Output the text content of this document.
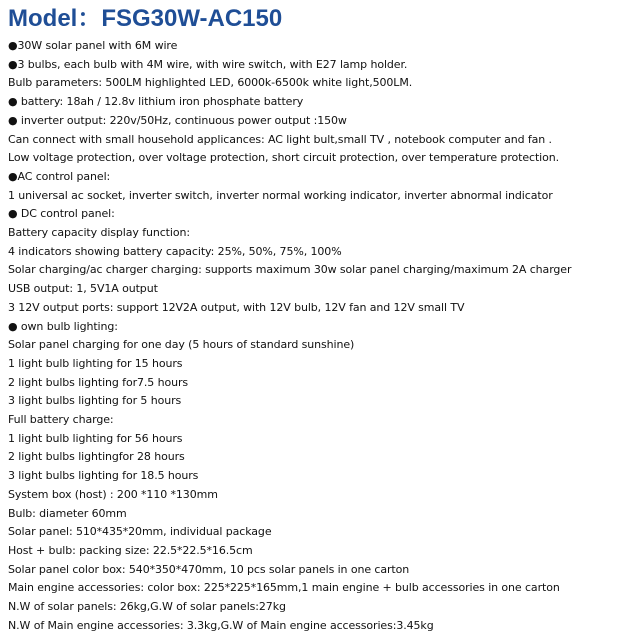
Model：FSG30W-AC150
●30W solar panel with 6M wire
●3 bulbs, each bulb with 4M wire, with wire switch, with E27 lamp holder.
Bulb parameters: 500LM highlighted LED, 6000k-6500k white light,500LM.
● battery: 18ah / 12.8v lithium iron phosphate battery
● inverter output: 220v/50Hz, continuous power output :150w
Can connect with small household applicances: AC light bult,small TV , notebook computer and fan .
Low voltage protection, over voltage protection, short circuit protection, over temperature protection.
●AC control panel:
1 universal ac socket, inverter switch, inverter normal working indicator, inverter abnormal indicator
● DC control panel:
Battery capacity display function:
4 indicators showing battery capacity: 25%, 50%, 75%, 100%
Solar charging/ac charger charging: supports maximum 30w solar panel charging/maximum 2A charger
USB output: 1, 5V1A output
3 12V output ports: support 12V2A output, with 12V bulb, 12V fan and 12V small TV
● own bulb lighting:
Solar panel charging for one day (5 hours of standard sunshine)
1 light bulb lighting for 15 hours
2 light bulbs lighting for7.5 hours
3 light bulbs lighting for 5 hours
Full battery charge:
1 light bulb lighting for 56 hours
2 light bulbs lightingfor 28 hours
3 light bulbs lighting for 18.5 hours
System box (host) : 200 *110 *130mm
Bulb: diameter 60mm
Solar panel: 510*435*20mm, individual package
Host + bulb: packing size: 22.5*22.5*16.5cm
Solar panel color box: 540*350*470mm, 10 pcs solar panels in one carton
Main engine accessories: color box: 225*225*165mm,1 main engine + bulb accessories in one carton
N.W of solar panels: 26kg,G.W of solar panels:27kg
N.W of Main engine accessories: 3.3kg,G.W of Main engine accessories:3.45kg
